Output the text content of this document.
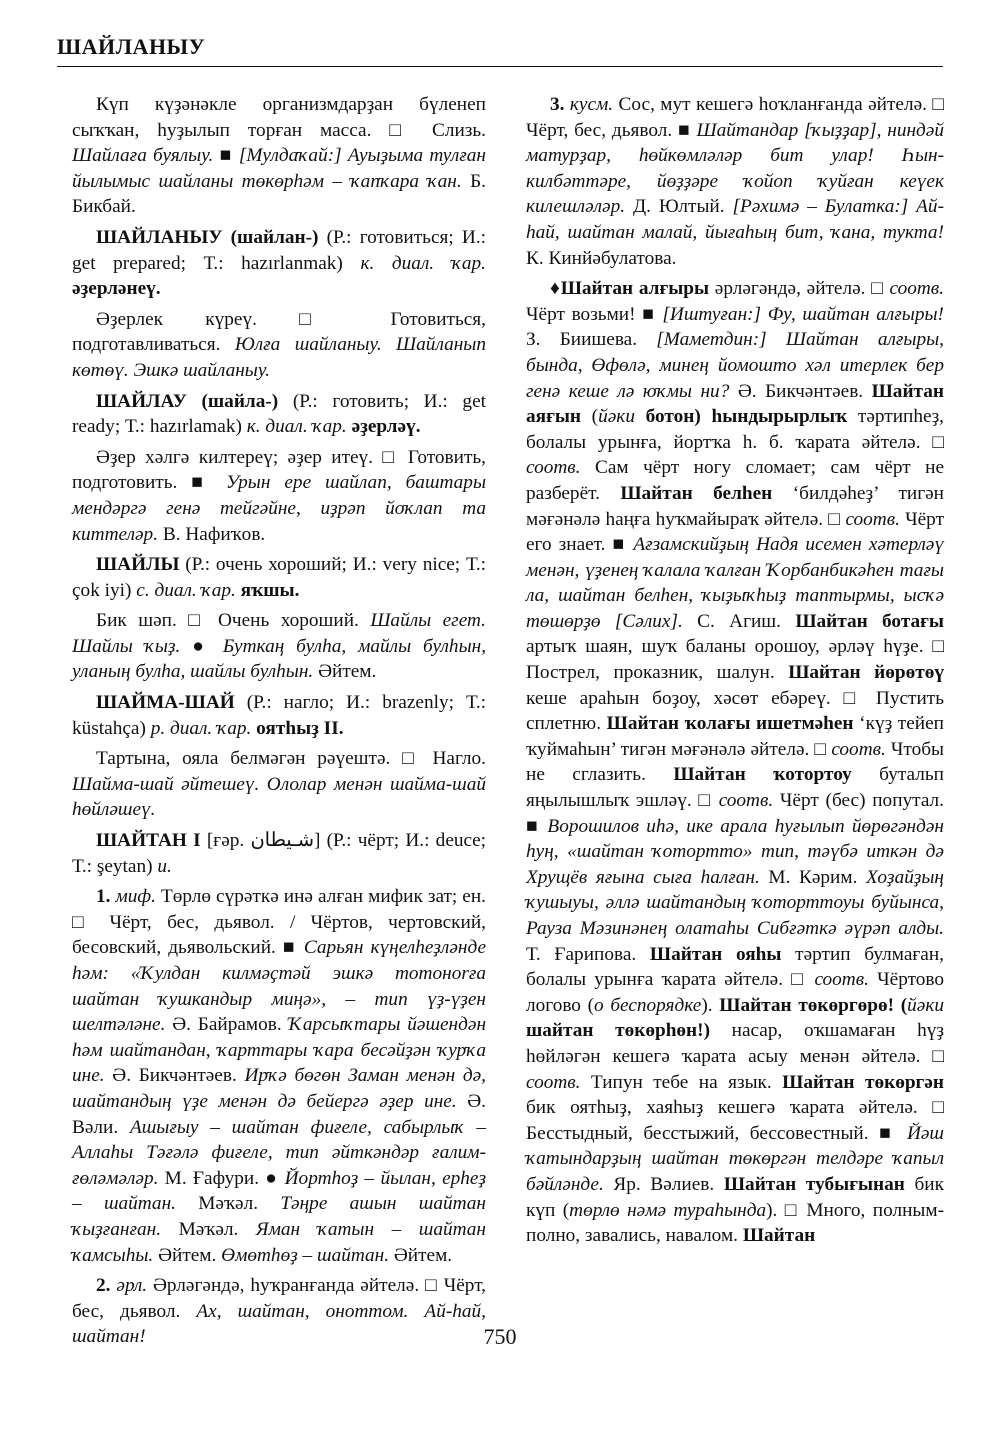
ШАЙЛАНЫУ

Күп күҙәнәкле организмдарҙан бүленеп сыҡҡан, һуҙылып торған масса. □ Слизь. Шайлаға буялыу. ■ [Мулдаҡай:] Ауыҙыма тулған йылымыс шайланы төкөрһәм – ҡапҡара ҡан. Б. Бикбай.

ШАЙЛАНЫУ (шайлан-) (Р.: готовиться; И.: get prepared; Т.: hazırlanmak) к. диал. ҡар. әҙерләнеү.

Әҙерлек күреү. □ Готовиться, подготавливаться. Юлға шайланыу. Шайланып көтөү. Эшкә шайланыу.

ШАЙЛАУ (шайла-) (Р.: готовить; И.: get ready; Т.: hazırlamak) к. диал. ҡар. әҙерләү.

Әҙер хәлгә килтереү; әҙер итеү. □ Готовить, подготовить. ■ Урын ере шайлап, баштары мендәргә генә тейгәйне, иҙрәп йоҡлап та киттеләр. В. Нафиҡов.

ШАЙЛЫ (Р.: очень хороший; И.: very nice; Т.: çok iyi) с. диал. ҡар. яҡшы.

Бик шәп. □ Очень хороший. Шайлы егет. Шайлы ҡыҙ. ● Буткаң булһа, майлы булһын, уланың булһа, шайлы булһын. Әйтем.

ШАЙМА-ШАЙ (Р.: нагло; И.: brazenly; Т.: küstahça) р. диал. ҡар. оятһыҙ II.

Тартына, ояла белмәгән рәүештә. □ Нагло. Шайма-шай әйтешеү. Ололар менән шайма-шай һөйләшеү.

ШАЙТАН I [ғәр. شـيطان] (Р.: чёрт; И.: deuce; Т.: şeytan) и.

1. миф. Төрлө сүрәткә инә алған мифик зат; ен. □ Чёрт, бес, дьявол. / Чёртов, чертовский, бесовский, дьявольский. ■ Сарьян күңелһеҙләнде һәм: «Ҡулдан килмәҫтәй эшкә тотоноrға шайтан ҡушкандыр миңә», – тип үҙ-үҙен шелтәләне. Ә. Байрамов. Ҡарсыҡтары йәшендән һәм шайтандан, ҡарттары ҡара бесәйҙән ҡурҡа ине. Ә. Бикчәнтәев. Ирҡә бөгөн Заман менән дә, шайтандың үҙе менән дә бейергә әҙер ине. Ә. Вәли. Ашығыу – шайтан фиғеле, сабырлыҡ – Аллаһы Тәғәлә фиғеле, тип әйткәндәр ғалим-ғөләмәләр. М. Ғафури. ● Йортһоҙ – йылан, ерһеҙ – шайтан. Мәҡәл. Тәңре ашын шайтан ҡыҙғанған. Мәҡәл. Яман ҡатын – шайтан ҡамсыһы. Әйтем. Өмөтһөҙ – шайтан. Әйтем.

2. әрл. Әрләгәндә, һуҡранғанда әйтелә. □ Чёрт, бес, дьявол. Ах, шайтан, оноттом. Ай-һай, шайтан!

3. кусм. Сос, мут кешегә һоҡланғанда әйтелә. □ Чёрт, бес, дьявол. ■ Шайтандар [ҡыҙҙар], ниндәй матурҙар, һөйкөмләләр бит улар! Һын-килбәттәре, йөҙҙәре ҡойоп ҡуйған кеүек килешләләр. Д. Юлтый. [Рәхимә – Булатка:] Ай-һай, шайтан малай, йығаһың бит, ҡана, тукта! К. Кинйәбулатова.

♦Шайтан алғыры әрләгәндә, әйтелә. □ соотв. Чёрт возьми! ■ [Иштуған:] Фу, шайтан алғыры! З. Биишева. [Маметдин:] Шайтан алғыры, бында, Өфөлә, минең йомошто хәл итерлек бер генә кеше лә юҡмы ни? Ә. Бикчәнтәев. Шайтан аяғын (йәки ботон) һындырырлыҡ тәртипһеҙ, болалы урынға, йортҡа һ. б. ҡарата әйтелә. □ соотв. Сам чёрт ногу сломает; сам чёрт не разберёт. Шайтан белһен ‘билдәһеҙ’ тигән мәғәнәлә һаңға һуҡмайыраҡ әйтелә. □ соотв. Чёрт его знает. ■ Ағзамскийҙың Надя исемен хәтерләү менән, үҙенең ҡалала ҡалған Ҡорбанбикәһен тағы ла, шайтан белһен, ҡыҙыҡһыҙ таптырмы, ысҡә төшөрҙө [Сәлих]. С. Агиш. Шайтан ботағы артыҡ шаян, шуҡ баланы орошоу, әрләү һүҙе. □ Пострел, проказник, шалун. Шайтан йөрөтөү кеше араһын боҙоу, хәсөт ебәреү. □ Пустить сплетню. Шайтан ҡолағы ишетмәһен ‘күҙ тейеп ҡуймаһын’ тигән мәғәнәлә әйтелә. □ соотв. Чтобы не сглазить. Шайтан ҡоторто​у бутальп яңылышлыҡ эшләү. □ соотв. Чёрт (бес) попутал. ■ Ворошилов иһә, ике арала һуғылып йөрөгәндән һуң, «шайтан ҡоторттo» тип, тәүбә иткән дә Хрущёв яғына сыға һалған. М. Кәрим. Хоҙайҙың ҡушыуы, әллә шайтандың ҡоторттоуы буйынса, Рауза Мәзинәнең олатаһы Сибғәткә әүрәп алды. Т. Ғарипова. Шайтан ояһы тәртип булмаған, болалы урынға ҡарата әйтелә. □ соотв. Чёртово логово (о беспорядке). Шайтан төкөргөрө! (йәки шайтан төкөрһөн!) насар, оҡшамаған һүҙ һөйләгән кешегә ҡарата асыу менән әйтелә. □ соотв. Типун тебе на язык. Шайтан төкөргән бик оятһыҙ, хаяһыҙ кешегә ҡарата әйтелә. □ Бесстыдный, бесстыжий, бессовестный. ■ Йәш ҡатындарҙың шайтан төкөргән телдәре ҡапыл бәйләнде. Яр. Вәлиев. Шайтан тубығынан бик күп (төрлө нәмә тураһында). □ Много, полным-полно, завались, навалом. Шайтан

750
